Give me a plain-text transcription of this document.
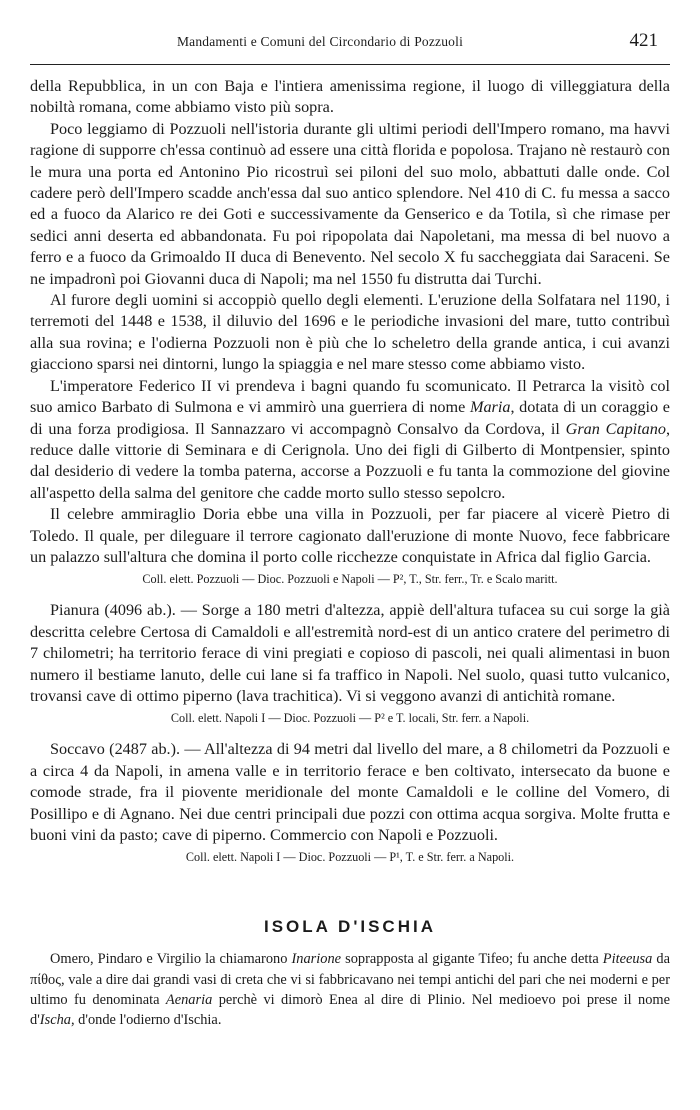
Mandamenti e Comuni del Circondario di Pozzuoli	421

della Repubblica, in un con Baja e l'intiera amenissima regione, il luogo di villeggiatura della nobiltà romana, come abbiamo visto più sopra.

Poco leggiamo di Pozzuoli nell'istoria durante gli ultimi periodi dell'Impero romano, ma havvi ragione di supporre ch'essa continuò ad essere una città florida e popolosa. Trajano nè restaurò con le mura una porta ed Antonino Pio ricostruì sei piloni del suo molo, abbattuti dalle onde. Col cadere però dell'Impero scadde anch'essa dal suo antico splendore. Nel 410 di C. fu messa a sacco ed a fuoco da Alarico re dei Goti e successivamente da Genserico e da Totila, sì che rimase per sedici anni deserta ed abbandonata. Fu poi ripopolata dai Napoletani, ma messa di bel nuovo a ferro e a fuoco da Grimoaldo II duca di Benevento. Nel secolo X fu saccheggiata dai Saraceni. Se ne impadronì poi Giovanni duca di Napoli; ma nel 1550 fu distrutta dai Turchi.

Al furore degli uomini si accoppiò quello degli elementi. L'eruzione della Solfatara nel 1190, i terremoti del 1448 e 1538, il diluvio del 1696 e le periodiche invasioni del mare, tutto contribuì alla sua rovina; e l'odierna Pozzuoli non è più che lo scheletro della grande antica, i cui avanzi giacciono sparsi nei dintorni, lungo la spiaggia e nel mare stesso come abbiamo visto.

L'imperatore Federico II vi prendeva i bagni quando fu scomunicato. Il Petrarca la visitò col suo amico Barbato di Sulmona e vi ammirò una guerriera di nome Maria, dotata di un coraggio e di una forza prodigiosa. Il Sannazzaro vi accompagnò Consalvo da Cordova, il Gran Capitano, reduce dalle vittorie di Seminara e di Cerignola. Uno dei figli di Gilberto di Montpensier, spinto dal desiderio di vedere la tomba paterna, accorse a Pozzuoli e fu tanta la commozione del giovine all'aspetto della salma del genitore che cadde morto sullo stesso sepolcro.

Il celebre ammiraglio Doria ebbe una villa in Pozzuoli, per far piacere al vicerè Pietro di Toledo. Il quale, per dileguare il terrore cagionato dall'eruzione di monte Nuovo, fece fabbricare un palazzo sull'altura che domina il porto colle ricchezze conquistate in Africa dal figlio Garcia.

Coll. elett. Pozzuoli — Dioc. Pozzuoli e Napoli — P², T., Str. ferr., Tr. e Scalo maritt.

Pianura (4096 ab.). — Sorge a 180 metri d'altezza, appiè dell'altura tufacea su cui sorge la già descritta celebre Certosa di Camaldoli e all'estremità nord-est di un antico cratere del perimetro di 7 chilometri; ha territorio ferace di vini pregiati e copioso di pascoli, nei quali alimentasi in buon numero il bestiame lanuto, delle cui lane si fa traffico in Napoli. Nel suolo, quasi tutto vulcanico, trovansi cave di ottimo piperno (lava trachitica). Vi si veggono avanzi di antichità romane.

Coll. elett. Napoli I — Dioc. Pozzuoli — P² e T. locali, Str. ferr. a Napoli.

Soccavo (2487 ab.). — All'altezza di 94 metri dal livello del mare, a 8 chilometri da Pozzuoli e a circa 4 da Napoli, in amena valle e in territorio ferace e ben coltivato, intersecato da buone e comode strade, fra il piovente meridionale del monte Camaldoli e le colline del Vomero, di Posillipo e di Agnano. Nei due centri principali due pozzi con ottima acqua sorgiva. Molte frutta e buoni vini da pasto; cave di piperno. Commercio con Napoli e Pozzuoli.

Coll. elett. Napoli I — Dioc. Pozzuoli — P¹, T. e Str. ferr. a Napoli.
ISOLA D'ISCHIA

Omero, Pindaro e Virgilio la chiamarono Inarione soprapposta al gigante Tifeo; fu anche detta Piteeusa da πίθος, vale a dire dai grandi vasi di creta che vi si fabbricavano nei tempi antichi del pari che nei moderni e per ultimo fu denominata Aenaria perchè vi dimorò Enea al dire di Plinio. Nel medioevo poi prese il nome d'Ischa, d'onde l'odierno d'Ischia.
